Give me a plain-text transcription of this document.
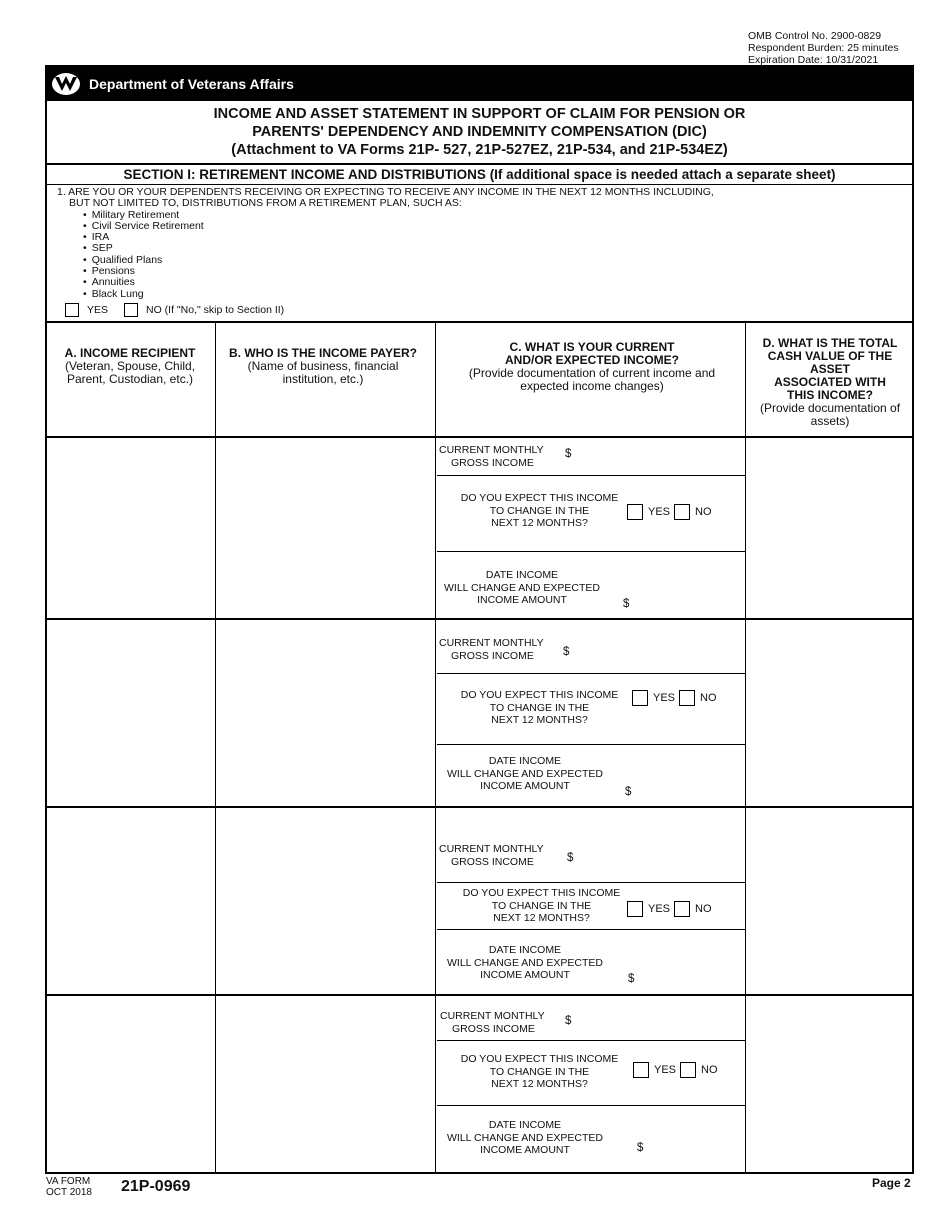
OMB Control No. 2900-0829
Respondent Burden: 25 minutes
Expiration Date: 10/31/2021
Department of Veterans Affairs
INCOME AND ASSET STATEMENT IN SUPPORT OF CLAIM FOR PENSION OR
PARENTS' DEPENDENCY AND INDEMNITY COMPENSATION (DIC)
(Attachment to VA Forms 21P- 527, 21P-527EZ, 21P-534, and 21P-534EZ)
SECTION I: RETIREMENT INCOME AND DISTRIBUTIONS (If additional space is needed attach a separate sheet)
1. ARE YOU OR YOUR DEPENDENTS RECEIVING OR EXPECTING TO RECEIVE ANY INCOME IN THE NEXT 12 MONTHS INCLUDING,
BUT NOT LIMITED TO, DISTRIBUTIONS FROM A RETIREMENT PLAN, SUCH AS:
• Military Retirement
• Civil Service Retirement
• IRA
• SEP
• Qualified Plans
• Pensions
• Annuities
• Black Lung
YES	NO (If "No," skip to Section II)
A. INCOME RECIPIENT
(Veteran, Spouse, Child, Parent, Custodian, etc.)
B. WHO IS THE INCOME PAYER?
(Name of business, financial institution, etc.)
C. WHAT IS YOUR CURRENT
AND/OR EXPECTED INCOME?
(Provide documentation of current income and expected income changes)
D. WHAT IS THE TOTAL
CASH VALUE OF THE
ASSET
ASSOCIATED WITH
THIS INCOME?
(Provide documentation of assets)
CURRENT MONTHLY
GROSS INCOME
$
DO YOU EXPECT THIS INCOME
TO CHANGE IN THE
NEXT 12 MONTHS?
YES NO
DATE INCOME
WILL CHANGE AND EXPECTED
INCOME AMOUNT	$
CURRENT MONTHLY
GROSS INCOME	$
DO YOU EXPECT THIS INCOME
TO CHANGE IN THE
NEXT 12 MONTHS?
YES NO
DATE INCOME
WILL CHANGE AND EXPECTED
INCOME AMOUNT	$
CURRENT MONTHLY
GROSS INCOME	$
DO YOU EXPECT THIS INCOME
TO CHANGE IN THE
NEXT 12 MONTHS?
YES NO
DATE INCOME
WILL CHANGE AND EXPECTED
INCOME AMOUNT	$
CURRENT MONTHLY
GROSS INCOME
$
DO YOU EXPECT THIS INCOME
TO CHANGE IN THE
NEXT 12 MONTHS?
YES NO
DATE INCOME
WILL CHANGE AND EXPECTED
INCOME AMOUNT	$
VA FORM
OCT 2018 21P-0969	Page 2
